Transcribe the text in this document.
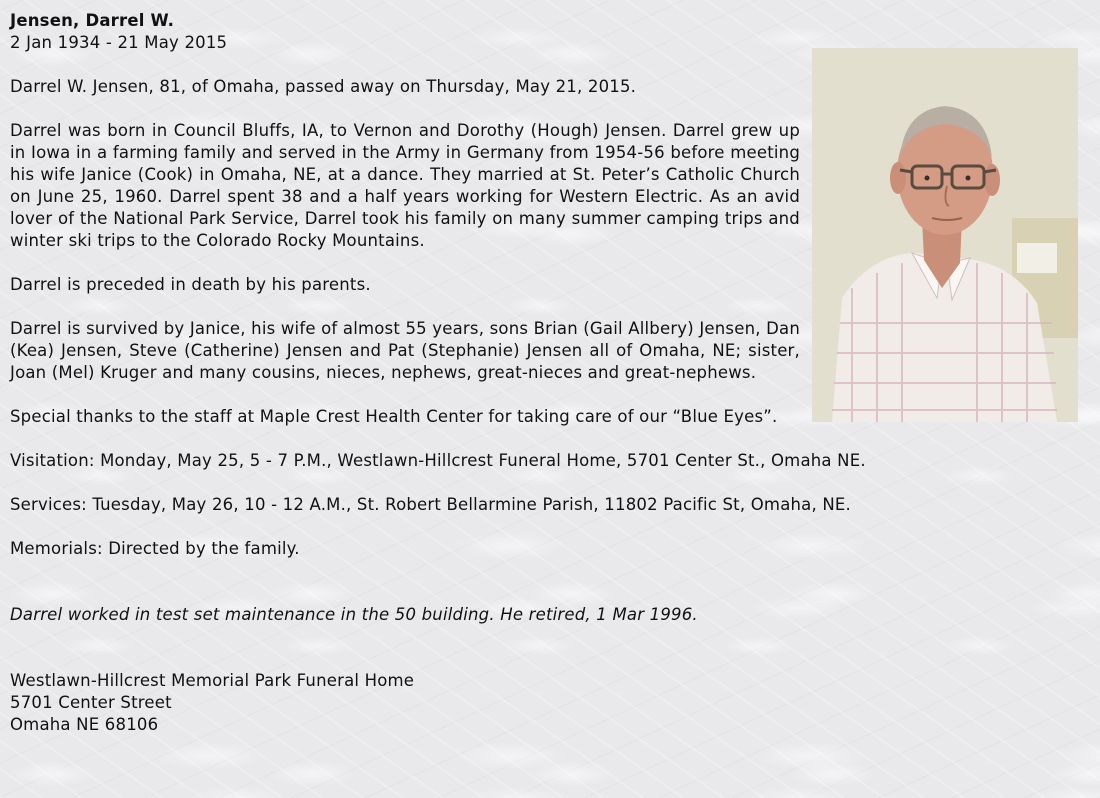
Jensen, Darrel W.
2 Jan 1934 - 21 May 2015

Darrel W. Jensen, 81, of Omaha, passed away on Thursday, May 21, 2015.

Darrel was born in Council Bluffs, IA, to Vernon and Dorothy (Hough) Jensen. Darrel grew up in Iowa in a farming family and served in the Army in Germany from 1954-56 before meeting his wife Janice (Cook) in Omaha, NE, at a dance. They married at St. Peter’s Catholic Church on June 25, 1960. Darrel spent 38 and a half years working for Western Electric. As an avid lover of the National Park Service, Darrel took his family on many summer camping trips and winter ski trips to the Colorado Rocky Mountains.

Darrel is preceded in death by his parents.

Darrel is survived by Janice, his wife of almost 55 years, sons Brian (Gail Allbery) Jensen, Dan (Kea) Jensen, Steve (Catherine) Jensen and Pat (Stephanie) Jensen all of Omaha, NE; sister, Joan (Mel) Kruger and many cousins, nieces, nephews, great-nieces and great-nephews.

Special thanks to the staff at Maple Crest Health Center for taking care of our “Blue Eyes”.

Visitation: Monday, May 25, 5 - 7 P.M., Westlawn-Hillcrest Funeral Home, 5701 Center St., Omaha NE.

Services: Tuesday, May 26, 10 - 12 A.M., St. Robert Bellarmine Parish, 11802 Pacific St, Omaha, NE.

Memorials: Directed by the family.

Darrel worked in test set maintenance in the 50 building. He retired, 1 Mar 1996.

Westlawn-Hillcrest Memorial Park Funeral Home
5701 Center Street
Omaha NE 68106
